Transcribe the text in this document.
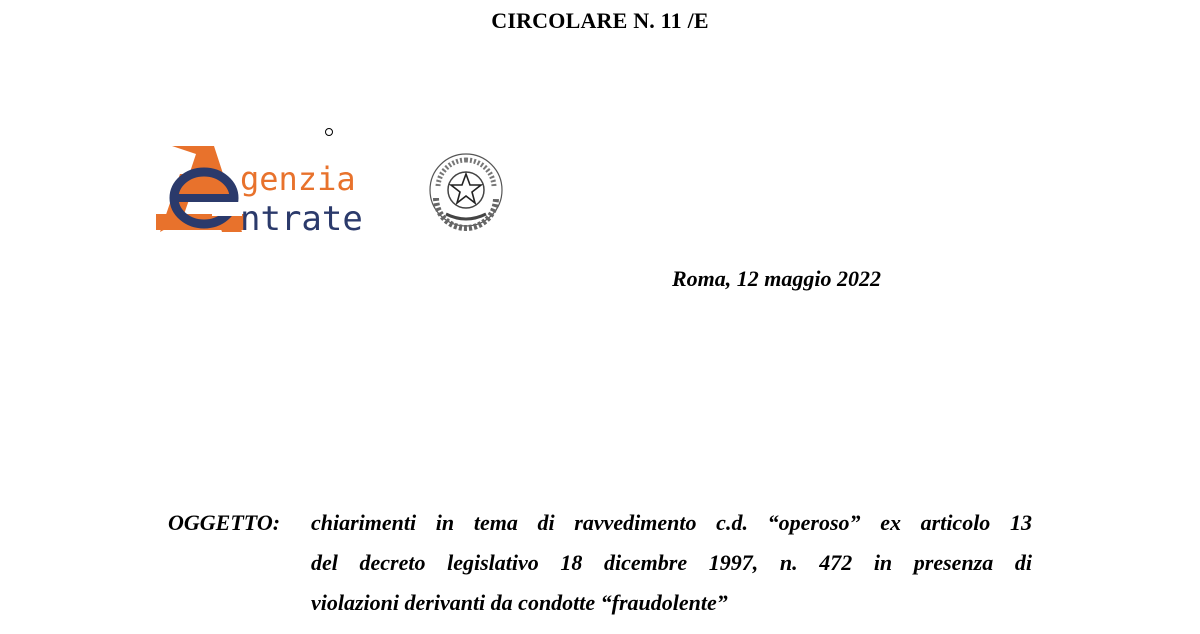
CIRCOLARE N. 11 /E
genzia
ntrate
Roma, 12 maggio 2022
OGGETTO: chiarimenti in tema di ravvedimento c.d. “operoso” ex articolo 13
del decreto legislativo 18 dicembre 1997, n. 472 in presenza di
violazioni derivanti da condotte “fraudolente”
